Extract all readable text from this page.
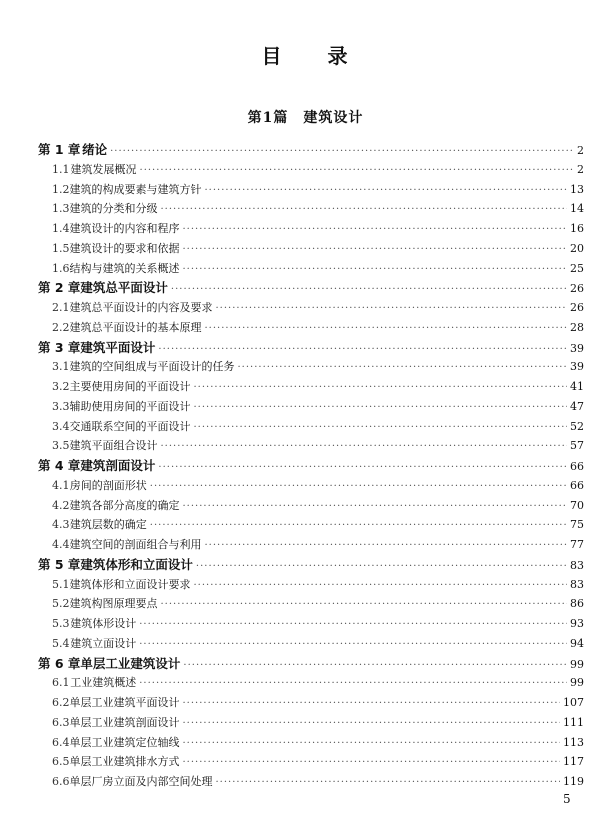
目　　录
第1篇　建筑设计
第 1 章 绪论 ·····	2
1.1 建筑发展概况 ·····	2
1.2 建筑的构成要素与建筑方针 ·····	13
1.3 建筑的分类和分级 ·····	14
1.4 建筑设计的内容和程序 ·····	16
1.5 建筑设计的要求和依据 ·····	20
1.6 结构与建筑的关系概述 ·····	25
第 2 章 建筑总平面设计 ·····	26
2.1 建筑总平面设计的内容及要求 ·····	26
2.2 建筑总平面设计的基本原理 ·····	28
第 3 章 建筑平面设计 ·····	39
3.1 建筑的空间组成与平面设计的任务 ·····	39
3.2 主要使用房间的平面设计 ·····	41
3.3 辅助使用房间的平面设计 ·····	47
3.4 交通联系空间的平面设计 ·····	52
3.5 建筑平面组合设计 ·····	57
第 4 章 建筑剖面设计 ·····	66
4.1 房间的剖面形状 ·····	66
4.2 建筑各部分高度的确定 ·····	70
4.3 建筑层数的确定 ·····	75
4.4 建筑空间的剖面组合与利用 ·····	77
第 5 章 建筑体形和立面设计 ·····	83
5.1 建筑体形和立面设计要求 ·····	83
5.2 建筑构图原理要点 ·····	86
5.3 建筑体形设计 ·····	93
5.4 建筑立面设计 ·····	94
第 6 章 单层工业建筑设计 ·····	99
6.1 工业建筑概述 ·····	99
6.2 单层工业建筑平面设计 ·····	107
6.3 单层工业建筑剖面设计 ·····	111
6.4 单层工业建筑定位轴线 ·····	113
6.5 单层工业建筑排水方式 ·····	117
6.6 单层厂房立面及内部空间处理 ·····	119
5
